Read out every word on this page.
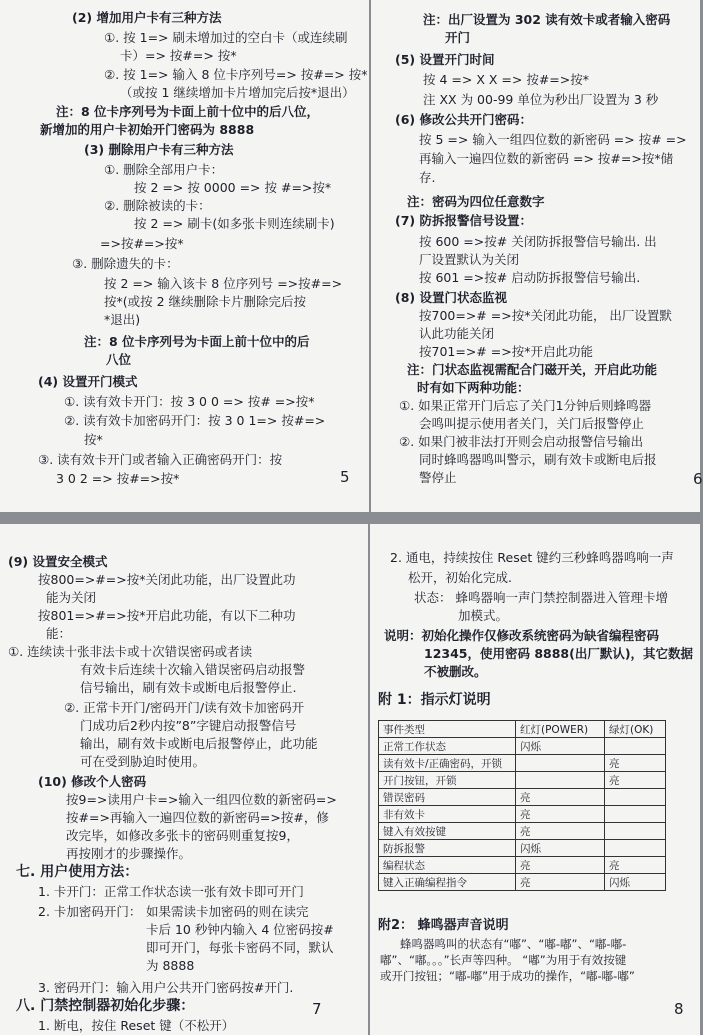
(2) 增加用户卡有三种方法
①. 按 1=> 刷未增加过的空白卡（或连续刷
卡）=> 按#=> 按*
②. 按 1=> 输入 8 位卡序列号=> 按#=> 按*
（或按 1 继续增加卡片增加完后按*退出）
注：8 位卡序列号为卡面上前十位中的后八位，
新增加的用户卡初始开门密码为 8888
(3) 删除用户卡有三种方法
①. 删除全部用户卡：
按 2 => 按 0000 => 按 #=>按*
②. 删除被读的卡：
按 2 => 刷卡(如多张卡则连续刷卡)
=>按#=>按*
③. 删除遗失的卡：
按 2 => 输入该卡 8 位序列号 =>按#=>
按*(或按 2 继续删除卡片删除完后按
*退出)
注：8 位卡序列号为卡面上前十位中的后
八位
(4) 设置开门模式
①. 读有效卡开门：按 3 0 0 => 按# =>按*
②. 读有效卡加密码开门：按 3 0 1=> 按#=>
按*
③. 读有效卡开门或者输入正确密码开门：按
3 0 2 => 按#=>按*	5
注：出厂设置为 302 读有效卡或者输入密码
开门
(5) 设置开门时间
按 4 => X X => 按#=>按*
注 XX 为 00-99 单位为秒出厂设置为 3 秒
(6) 修改公共开门密码：
按 5 => 输入一组四位数的新密码 => 按# =>
再输入一遍四位数的新密码 => 按#=>按*储
存.
注：密码为四位任意数字
(7) 防拆报警信号设置：
按 600 =>按# 关闭防拆报警信号输出. 出
厂设置默认为关闭
按 601 =>按# 启动防拆报警信号输出.
(8) 设置门状态监视
按700=># =>按*关闭此功能， 出厂设置默
认此功能关闭
按701=># =>按*开启此功能
注：门状态监视需配合门磁开关，开启此功能
时有如下两种功能：
①. 如果正常开门后忘了关门1分钟后则蜂鸣器
会鸣叫提示使用者关门，关门后报警停止
②. 如果门被非法打开则会启动报警信号输出
同时蜂鸣器鸣叫警示，刷有效卡或断电后报
警停止	6
(9) 设置安全模式
按800=>#=>按*关闭此功能，出厂设置此功
能为关闭
按801=>#=>按*开启此功能，有以下二种功
能：
①. 连续读十张非法卡或十次错误密码或者读
有效卡后连续十次输入错误密码启动报警
信号输出，刷有效卡或断电后报警停止.
②. 正常卡开门/密码开门/读有效卡加密码开
门成功后2秒内按”8”字键启动报警信号
输出，刷有效卡或断电后报警停止，此功能
可在受到胁迫时使用。
(10) 修改个人密码
按9=>读用户卡=>输入一组四位数的新密码=>
按#=>再输入一遍四位数的新密码=>按#，修
改完毕，如修改多张卡的密码则重复按9，
再按刚才的步骤操作。
七. 用户使用方法：
1. 卡开门：正常工作状态读一张有效卡即可开门
2. 卡加密码开门： 如果需读卡加密码的则在读完
卡后 10 秒钟内输入 4 位密码按#
即可开门，每张卡密码不同，默认
为 8888
3. 密码开门：输入用户公共开门密码按#开门.
八. 门禁控制器初始化步骤：
1. 断电，按住 Reset 键（不松开）
7
2. 通电，持续按住 Reset 键约三秒蜂鸣器鸣响一声
松开，初始化完成.
状态： 蜂鸣器响一声门禁控制器进入管理卡增
加模式。
说明：初始化操作仅修改系统密码为缺省编程密码
12345，使用密码 8888(出厂默认)，其它数据
不被删改。
附 1：指示灯说明
事件类型	红灯(POWER)	绿灯(OK)
正常工作状态	闪烁	
读有效卡/正确密码，开锁		亮
开门按钮，开锁		亮
错误密码	亮	
非有效卡	亮	
键入有效按键	亮	
防拆报警	闪烁	
编程状态	亮	亮
键入正确编程指令	亮	闪烁
附2： 蜂鸣器声音说明
蜂鸣器鸣叫的状态有“嘟”、“嘟-嘟”、“嘟-嘟-
嘟”、“嘟。。。”长声等四种。 “嘟”为用于有效按键
或开门按钮；“嘟-嘟”用于成功的操作，“嘟-嘟-嘟”
8
